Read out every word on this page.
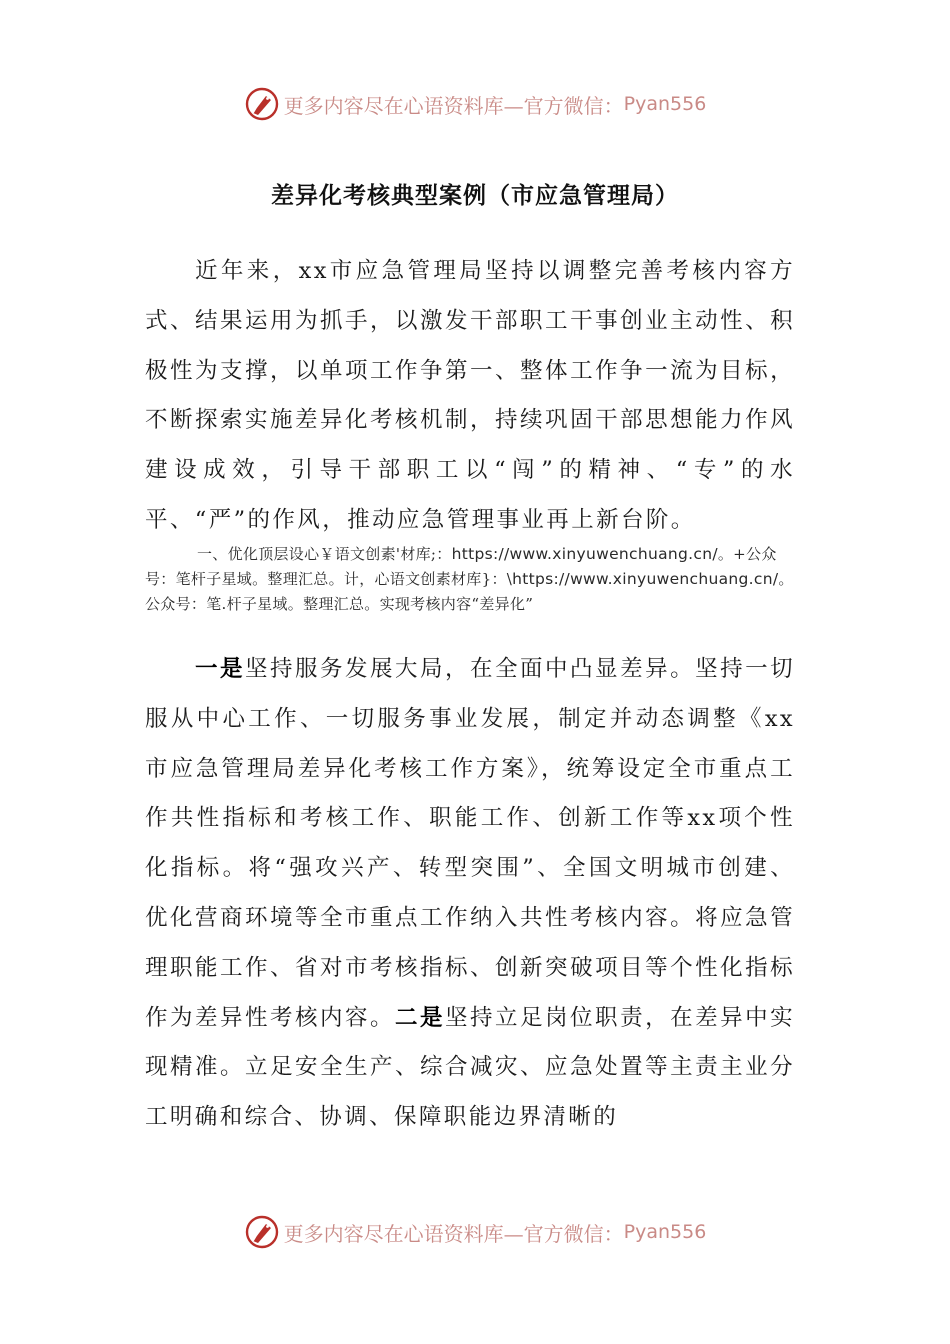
更多内容尽在心语资料库—官方微信： Pyan556
差异化考核典型案例（市应急管理局）
近年来，xx市应急管理局坚持以调整完善考核内容方式、结果运用为抓手，以激发干部职工干事创业主动性、积极性为支撑，以单项工作争第一、整体工作争一流为目标，不断探索实施差异化考核机制，持续巩固干部思想能力作风建设成效，引导干部职工以“闯”的精神、“专”的水平、“严”的作风，推动应急管理事业再上新台阶。
一、优化顶层设心￥语文创素'材库;：https://www.xinyuwenchuang.cn/。+公众号：笔杆子星域。整理汇总。计，心语文创素材库}：\https://www.xinyuwenchuang.cn/。公众号：笔.杆子星域。整理汇总。实现考核内容“差异化”
一是坚持服务发展大局，在全面中凸显差异。坚持一切服从中心工作、一切服务事业发展，制定并动态调整《xx市应急管理局差异化考核工作方案》，统筹设定全市重点工作共性指标和考核工作、职能工作、创新工作等xx项个性化指标。将“强攻兴产、转型突围”、全国文明城市创建、优化营商环境等全市重点工作纳入共性考核内容。将应急管理职能工作、省对市考核指标、创新突破项目等个性化指标作为差异性考核内容。二是坚持立足岗位职责，在差异中实现精准。立足安全生产、综合减灾、应急处置等主责主业分工明确和综合、协调、保障职能边界清晰的
更多内容尽在心语资料库—官方微信： Pyan556
